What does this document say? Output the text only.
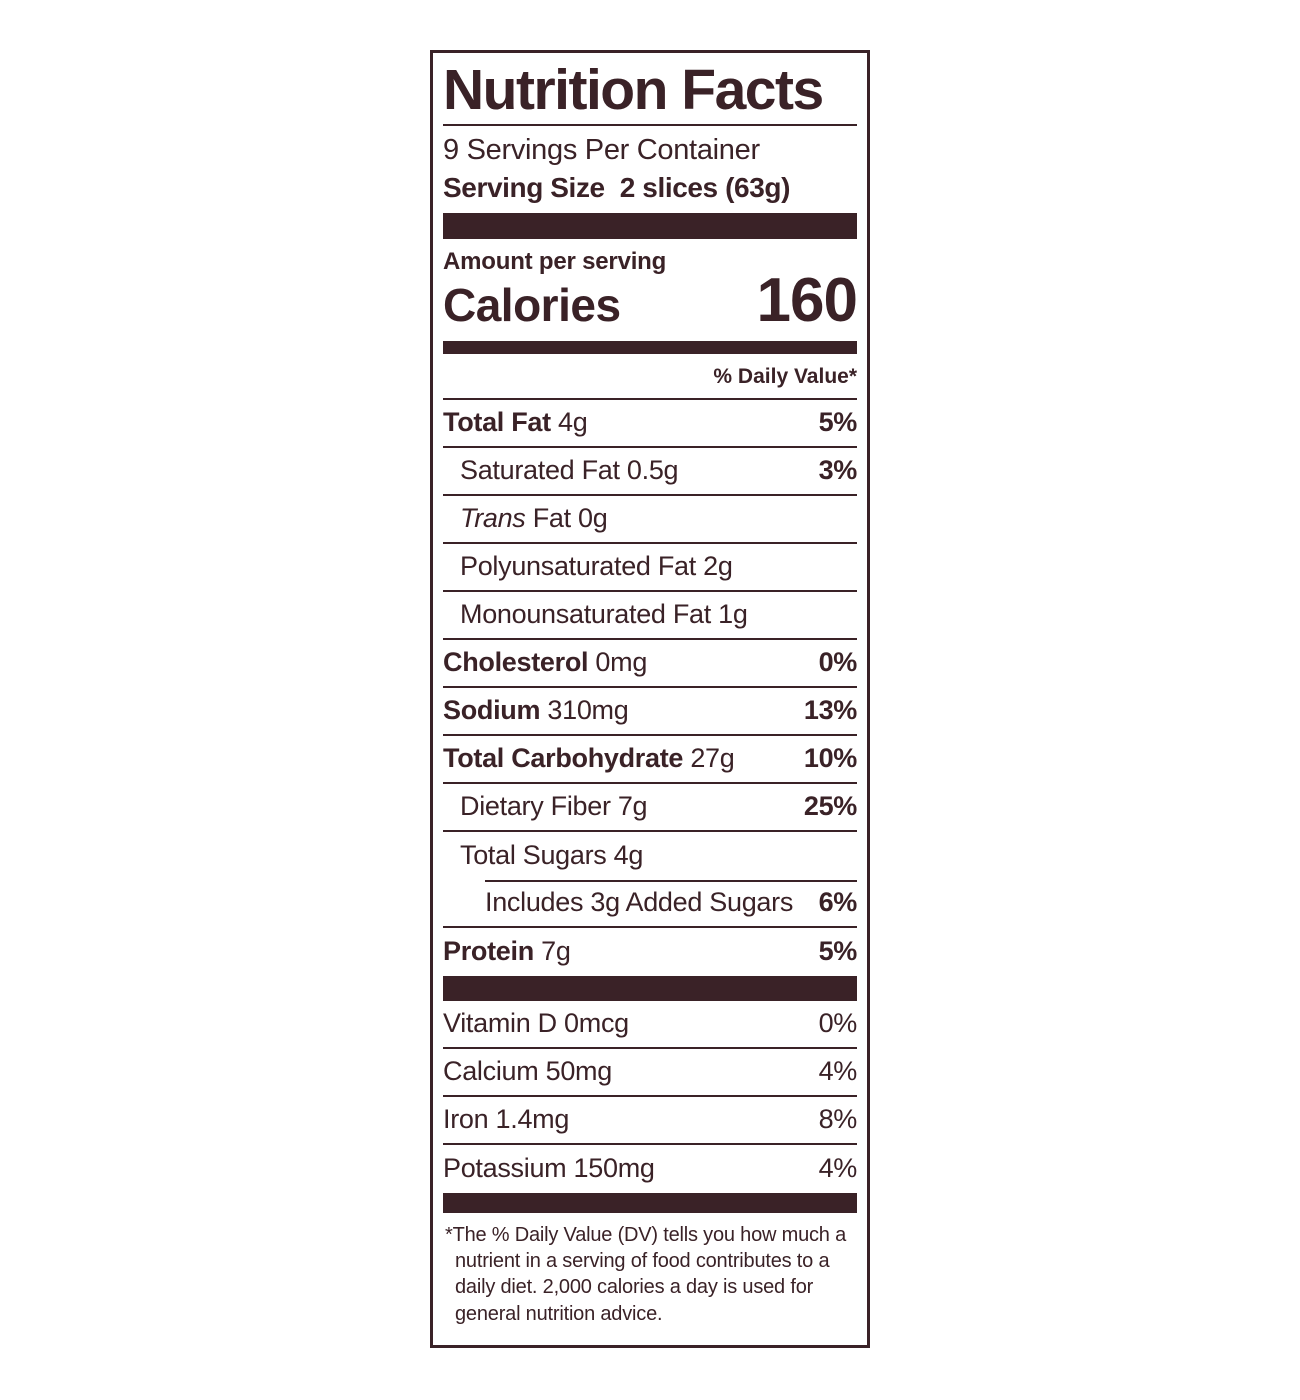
Nutrition Facts
9 Servings Per Container
Serving Size 2 slices (63g)
Amount per serving
Calories 160
% Daily Value*
Total Fat 4g	5%
Saturated Fat 0.5g	3%
Trans Fat 0g
Polyunsaturated Fat 2g
Monounsaturated Fat 1g
Cholesterol 0mg	0%
Sodium 310mg	13%
Total Carbohydrate 27g	10%
Dietary Fiber 7g	25%
Total Sugars 4g
Includes 3g Added Sugars 6%
Protein 7g	5%
Vitamin D 0mcg	0%
Calcium 50mg	4%
Iron 1.4mg	8%
Potassium 150mg	4%
*The % Daily Value (DV) tells you how much a nutrient in a serving of food contributes to a daily diet. 2,000 calories a day is used for general nutrition advice.
